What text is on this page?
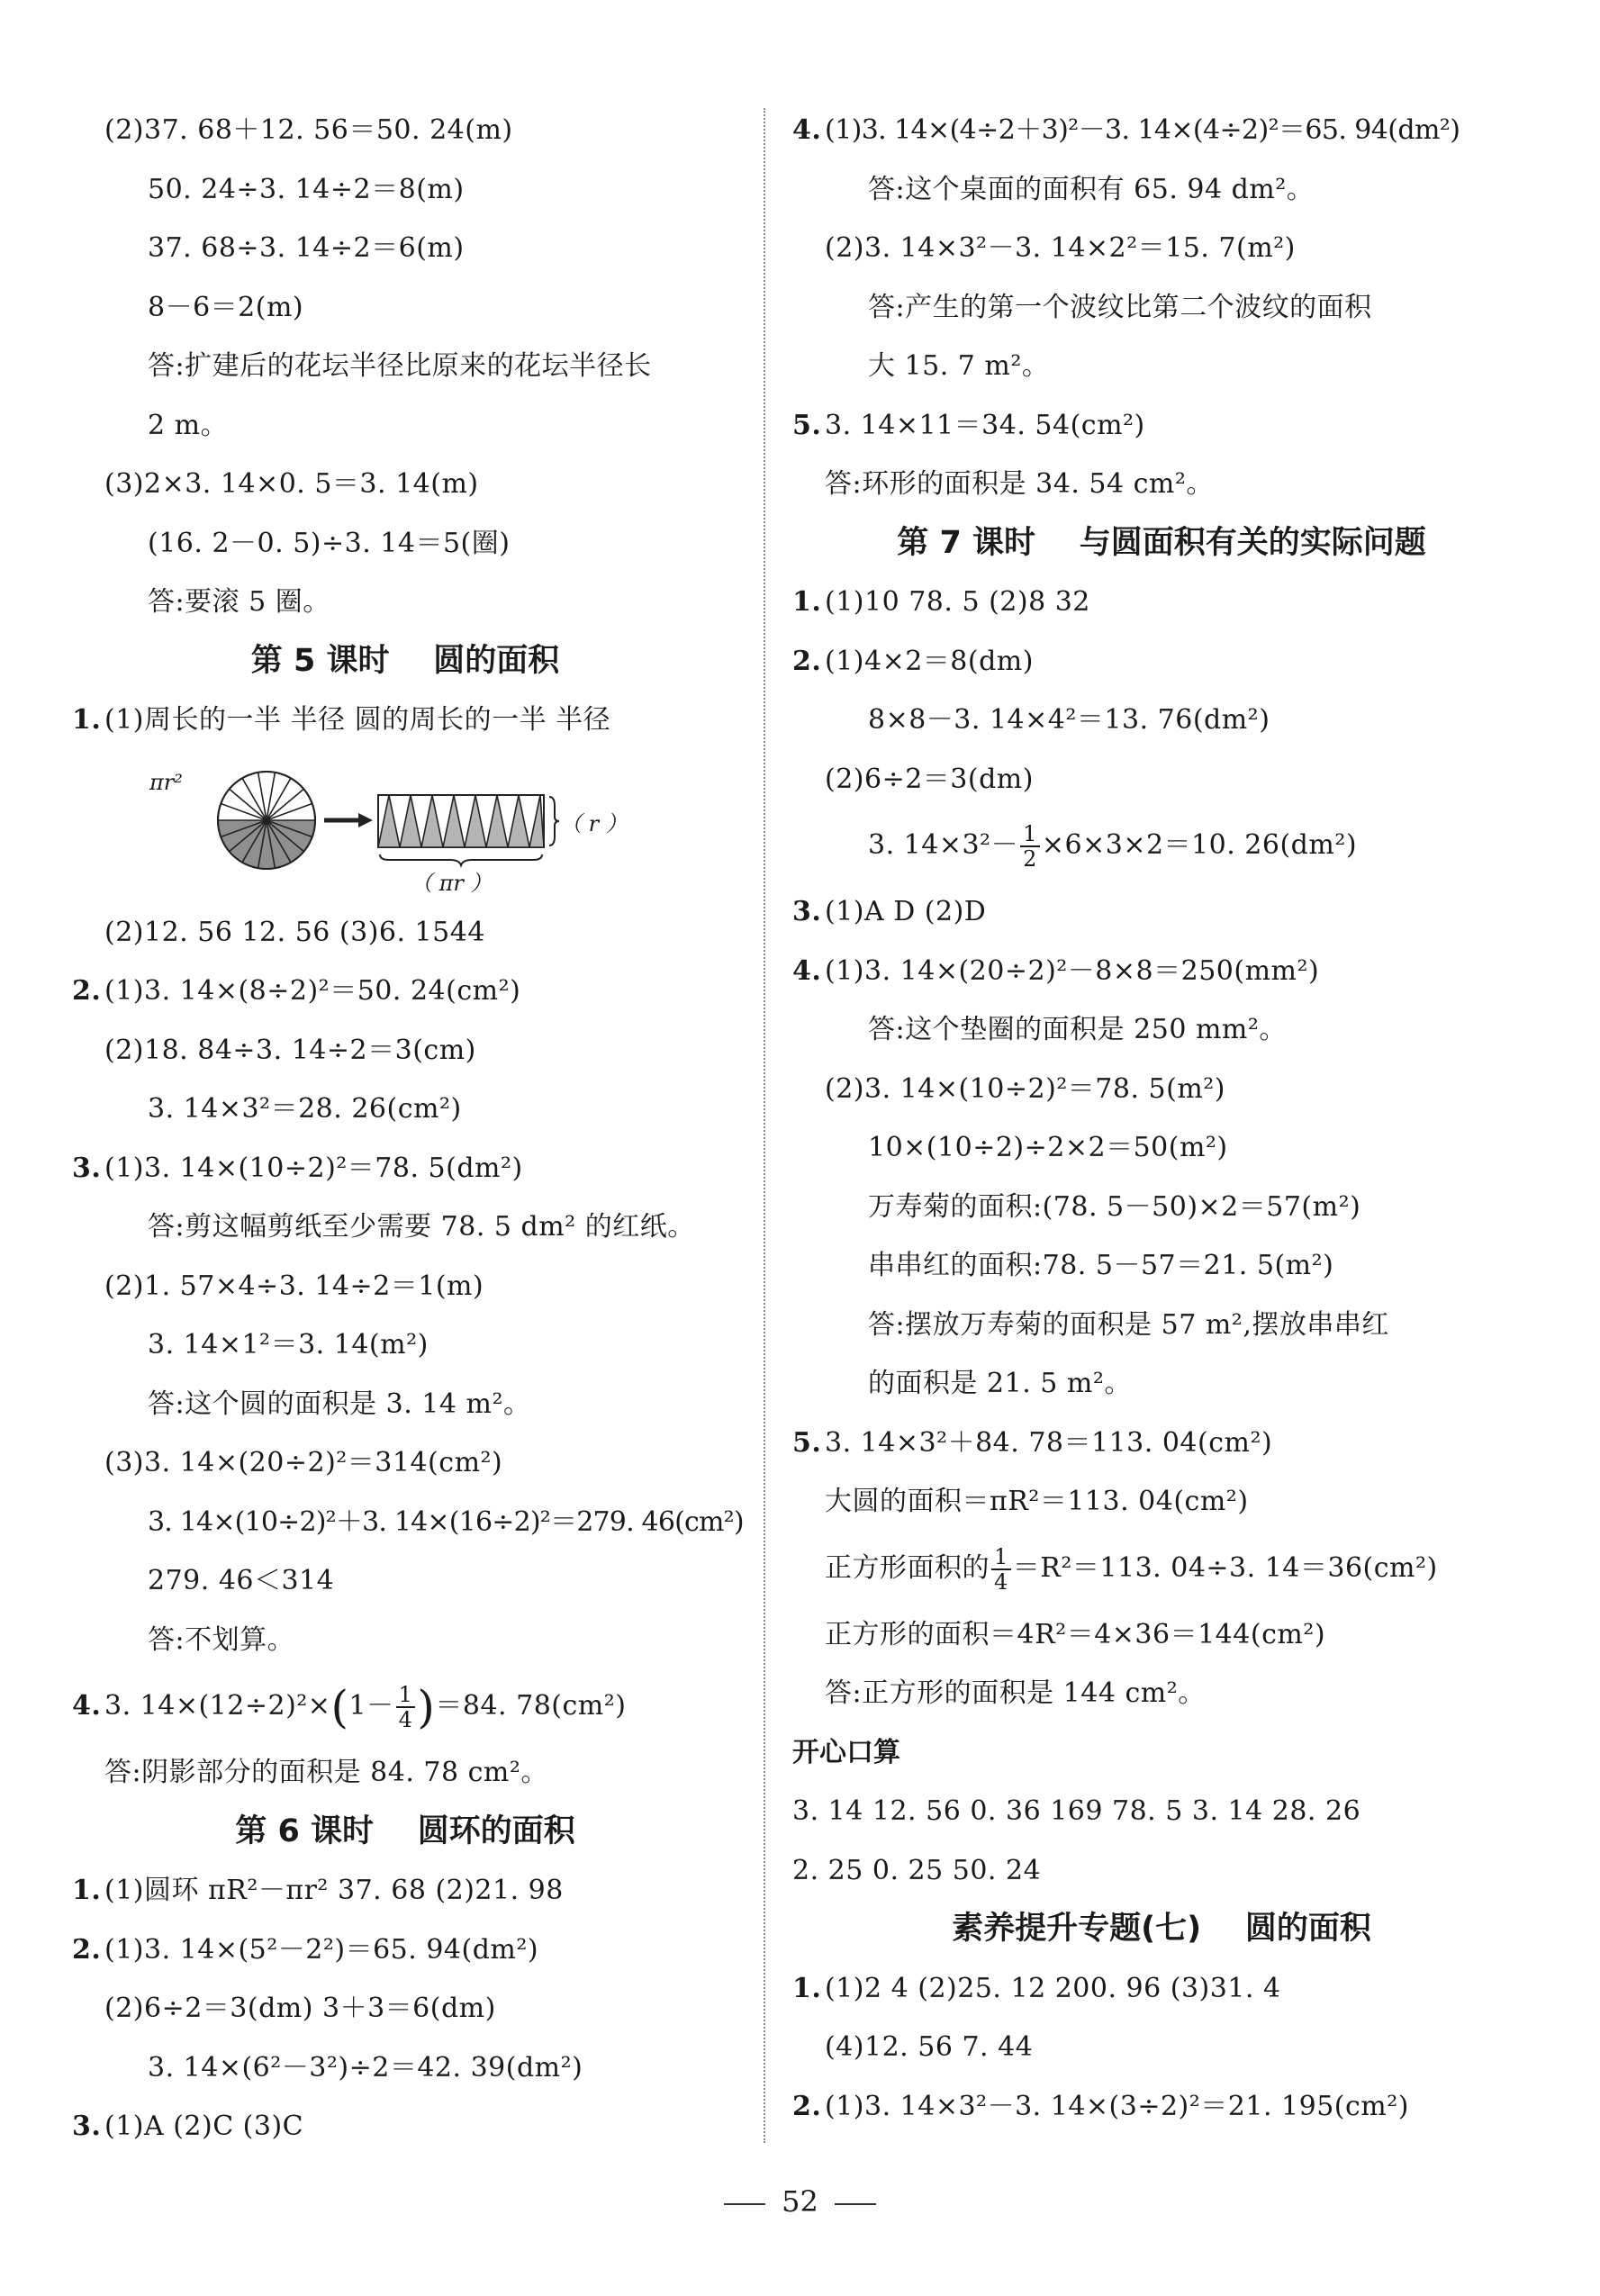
(2)37. 68＋12. 56＝50. 24(m)
50. 24÷3. 14÷2＝8(m)
37. 68÷3. 14÷2＝6(m)
8－6＝2(m)
答:扩建后的花坛半径比原来的花坛半径长
2 m。
(3)2×3. 14×0. 5＝3. 14(m)
(16. 2－0. 5)÷3. 14＝5(圈)
答:要滚 5 圈。
第 5 课时    圆的面积
1. (1)周长的一半 半径 圆的周长的一半 半径
πr²
（ r ）
（ πr ）
(2)12. 56 12. 56 (3)6. 1544
2. (1)3. 14×(8÷2)²＝50. 24(cm²)
(2)18. 84÷3. 14÷2＝3(cm)
3. 14×3²＝28. 26(cm²)
3. (1)3. 14×(10÷2)²＝78. 5(dm²)
答:剪这幅剪纸至少需要 78. 5 dm² 的红纸。
(2)1. 57×4÷3. 14÷2＝1(m)
3. 14×1²＝3. 14(m²)
答:这个圆的面积是 3. 14 m²。
(3)3. 14×(20÷2)²＝314(cm²)
3. 14×(10÷2)²＋3. 14×(16÷2)²＝279. 46(cm²)
279. 46＜314
答:不划算。
4. 3. $14\times(12\div 2)^2\times(1- \frac{1}{4} )=84$. 78(cm²)
答:阴影部分的面积是 84. 78 cm²。
第 6 课时    圆环的面积
1. (1)圆环 πR²－πr² 37. 68 (2)21. 98
2. (1)3. 14×(5²－2²)＝65. 94(dm²)
(2)6÷2＝3(dm) 3＋3＝6(dm)
3. 14×(6²－3²)÷2＝42. 39(dm²)
3. (1)A (2)C (3)C
4. (1)3. 14×(4÷2＋3)²－3. 14×(4÷2)²＝65. 94(dm²)
答:这个桌面的面积有 65. 94 dm²。
(2)3. 14×3²－3. 14×2²＝15. 7(m²)
答:产生的第一个波纹比第二个波纹的面积
大 15. 7 m²。
5. 3. 14×11＝34. 54(cm²)
答:环形的面积是 34. 54 cm²。
第 7 课时    与圆面积有关的实际问题
1. (1)10 78. 5 (2)8 32
2. (1)4×2＝8(dm)
8×8－3. 14×4²＝13. 76(dm²)
(2)6÷2＝3(dm)
3. $14\times 3^2- \frac{1}{2} \times 6\times 3\times 2=10$. 26(dm²)
3. (1)A D (2)D
4. (1)3. 14×(20÷2)²－8×8＝250(mm²)
答:这个垫圈的面积是 250 mm²。
(2)3. 14×(10÷2)²＝78. 5(m²)
10×(10÷2)÷2×2＝50(m²)
万寿菊的面积:(78. 5－50)×2＝57(m²)
串串红的面积:78. 5－57＝21. 5(m²)
答:摆放万寿菊的面积是 57 m²,摆放串串红
的面积是 21. 5 m²。
5. 3. 14×3²＋84. 78＝113. 04(cm²)
大圆的面积＝πR²＝113. 04(cm²)
正方形面积的 $\frac{1}{4} =R^2=113$. 04÷3. 14＝36(cm²)
正方形的面积＝4R²＝4×36＝144(cm²)
答:正方形的面积是 144 cm²。
开心口算
3. 14 12. 56 0. 36 169 78. 5 3. 14 28. 26
2. 25 0. 25 50. 24
素养提升专题(七)    圆的面积
1. (1)2 4 (2)25. 12 200. 96 (3)31. 4
(4)12. 56 7. 44
2. (1)3. 14×3²－3. 14×(3÷2)²＝21. 195(cm²)
52
